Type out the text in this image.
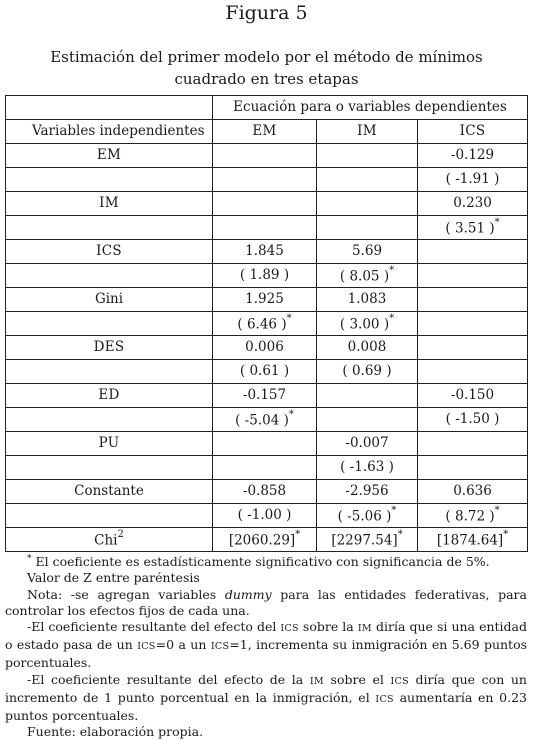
Figura 5
Estimación del primer modelo por el método de mínimos
cuadrado en tres etapas
	Ecuación para o variables dependientes		
Variables independientes	EM	IM	ICS
EM			-0.129
			( -1.91 )
IM			0.230
			( 3.51 )*
ICS	1.845	5.69	
	( 1.89 )	( 8.05 )*	
Gini	1.925	1.083	
	( 6.46 )*	( 3.00 )*	
DES	0.006	0.008	
	( 0.61 )	( 0.69 )	
ED	-0.157		-0.150
	( -5.04 )*		( -1.50 )
PU		-0.007	
		( -1.63 )	
Constante	-0.858	-2.956	0.636
	( -1.00 )	( -5.06 )*	( 8.72 )*
Chi$^2$	[2060.29]*	[2297.54]*	[1874.64]*

* El coeficiente es estadísticamente significativo con significancia de 5%.

Valor de Z entre paréntesis

Nota: -se agregan variables dummy para las entidades federativas, para controlar los efectos fijos de cada una.

-El coeficiente resultante del efecto del ICS sobre la IM diría que si una entidad o estado pasa de un ICS=0 a un ICS=1, incrementa su inmigración en 5.69 puntos porcentuales.

-El coeficiente resultante del efecto de la IM sobre el ICS diría que con un incremento de 1 punto porcentual en la inmigración, el ICS aumentaría en 0.23 puntos porcentuales.

Fuente: elaboración propia.
